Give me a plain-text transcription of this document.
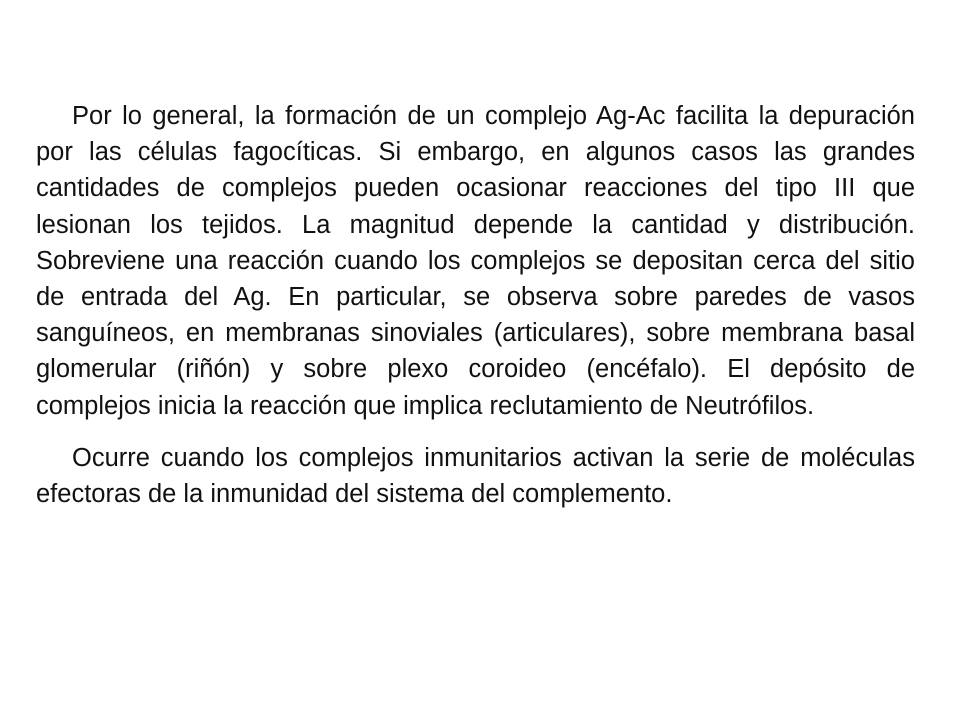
Por lo general, la formación de un complejo Ag-Ac facilita la depuración por las células fagocíticas. Si embargo, en algunos casos las grandes cantidades de complejos pueden ocasionar reacciones del tipo III que lesionan los tejidos. La magnitud depende la cantidad y distribución. Sobreviene una reacción cuando los complejos se depositan cerca del sitio de entrada del Ag. En particular, se observa sobre paredes de vasos sanguíneos, en membranas sinoviales (articulares), sobre membrana basal glomerular (riñón) y sobre plexo coroideo (encéfalo). El depósito de complejos inicia la reacción que implica reclutamiento de Neutrófilos.

Ocurre cuando los complejos inmunitarios activan la serie de moléculas efectoras de la inmunidad del sistema del complemento.
